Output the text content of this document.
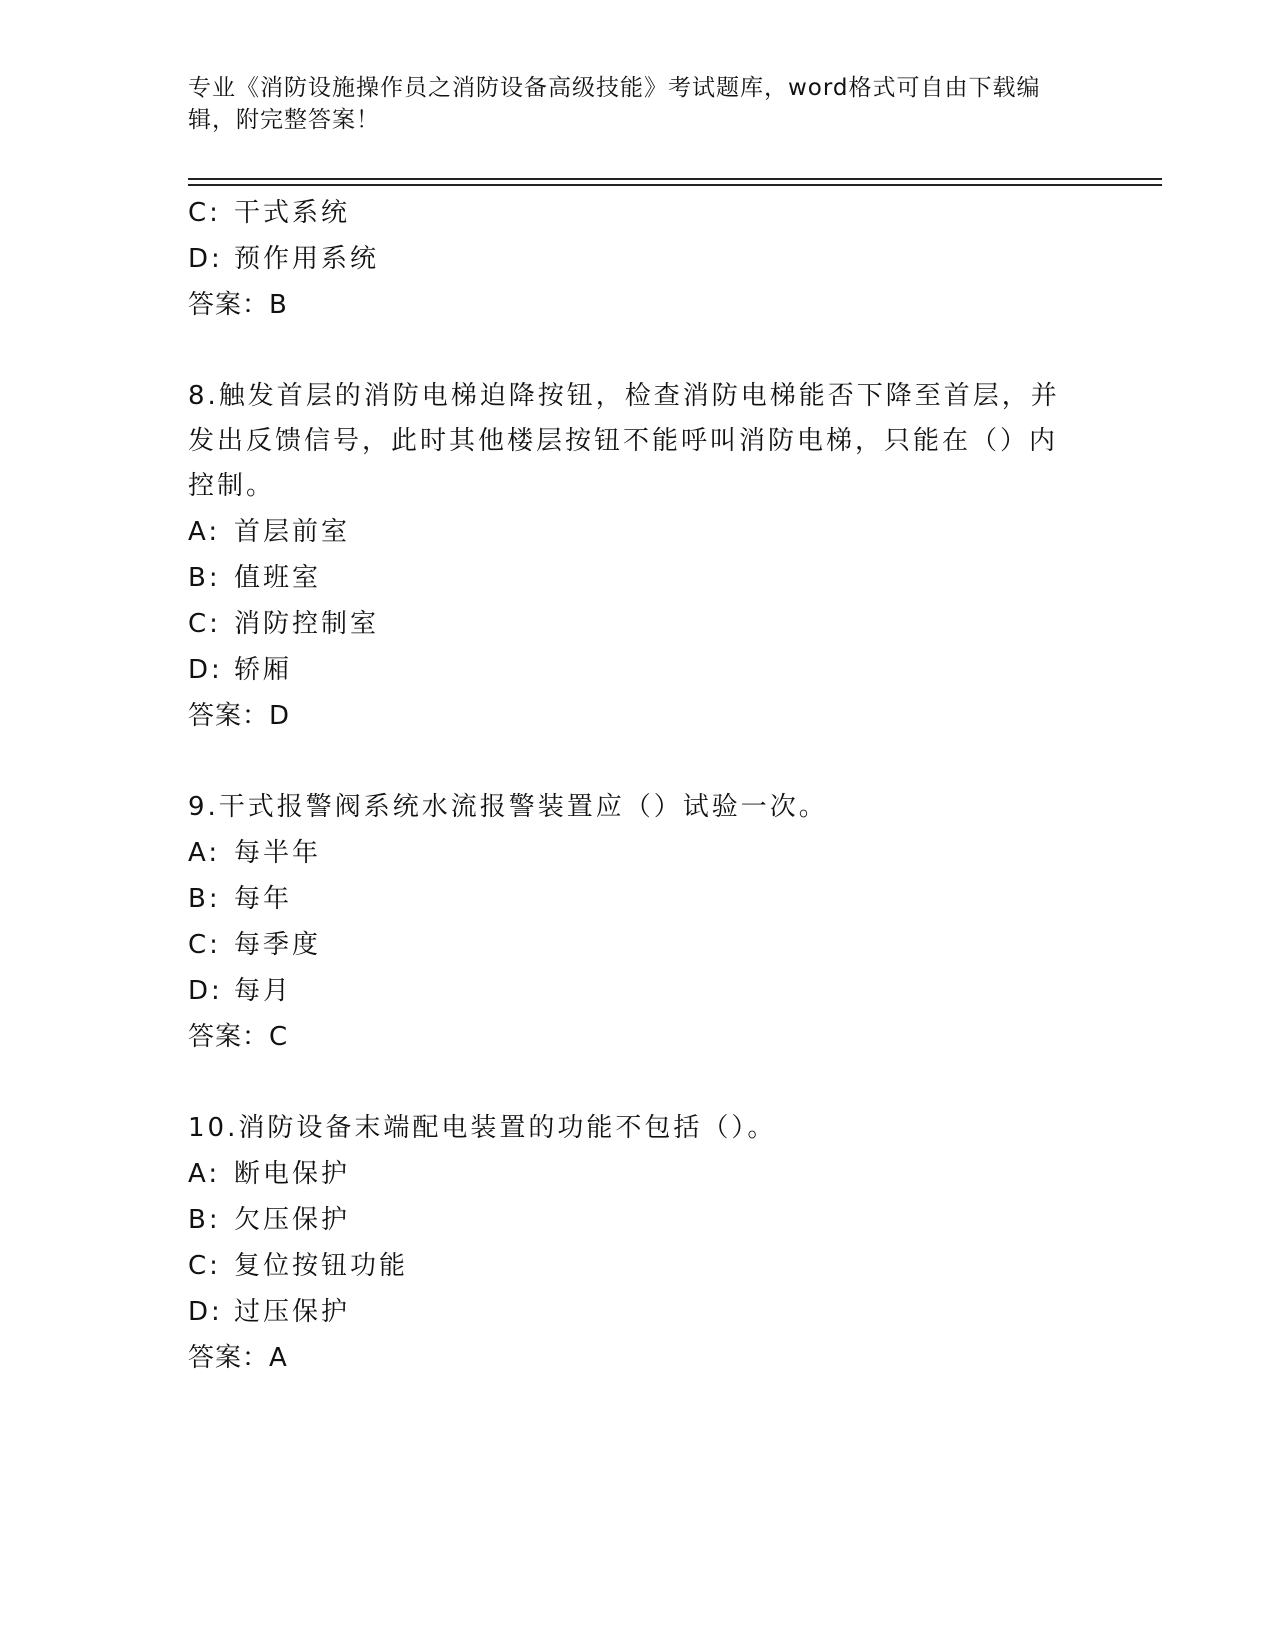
专业《消防设施操作员之消防设备高级技能》考试题库，word格式可自由下载编辑，附完整答案！
C: 干式系统
D: 预作用系统
答案：B
8.触发首层的消防电梯迫降按钮，检查消防电梯能否下降至首层，并发出反馈信号，此时其他楼层按钮不能呼叫消防电梯，只能在（）内控制。
A: 首层前室
B: 值班室
C: 消防控制室
D: 轿厢
答案：D
9.干式报警阀系统水流报警装置应（）试验一次。
A: 每半年
B: 每年
C: 每季度
D: 每月
答案：C
10.消防设备末端配电装置的功能不包括（）。
A: 断电保护
B: 欠压保护
C: 复位按钮功能
D: 过压保护
答案：A
